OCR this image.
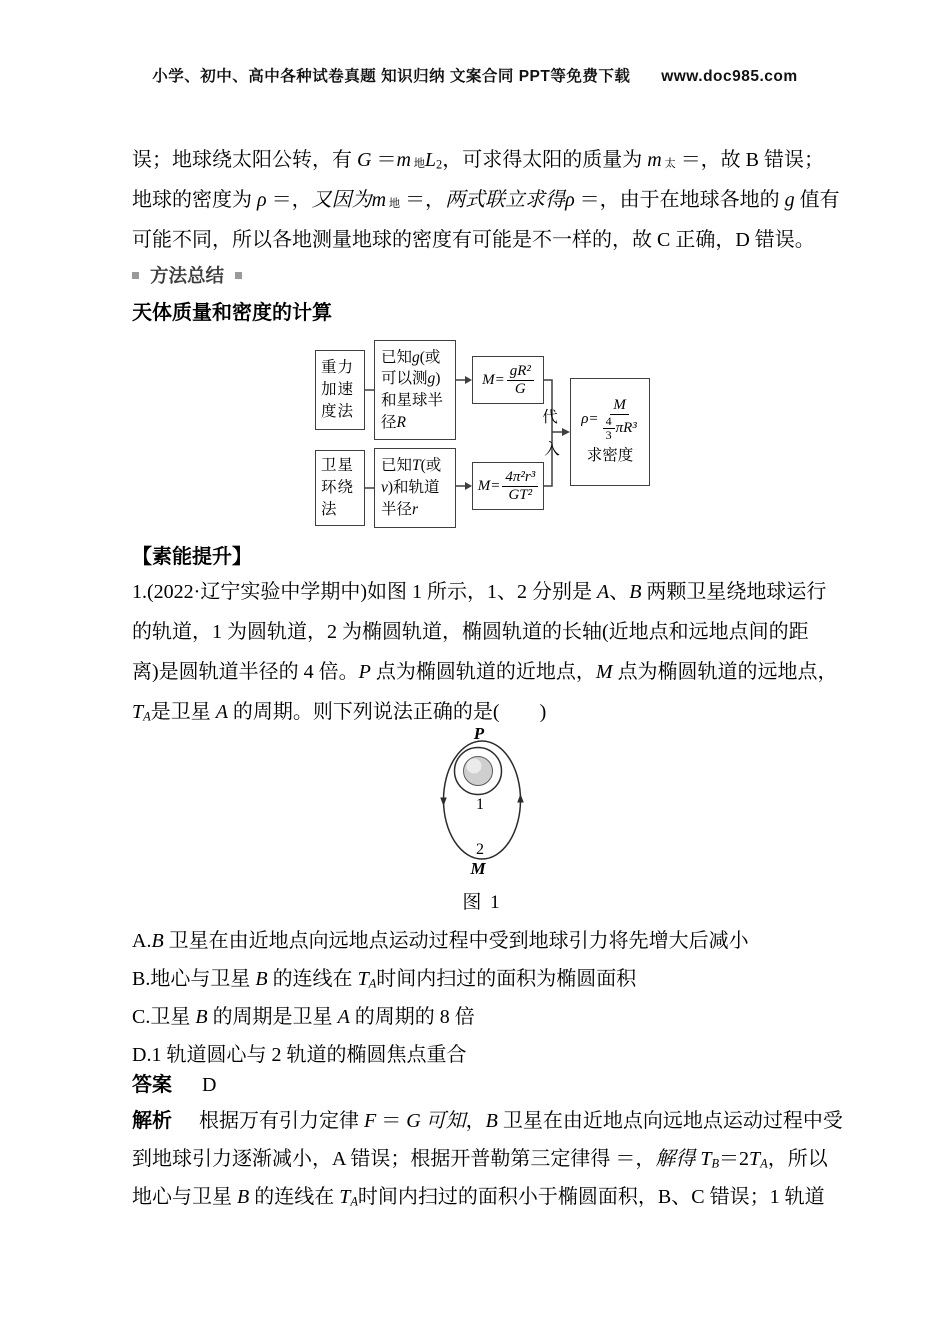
小学、初中、高中各种试卷真题 知识归纳 文案合同 PPT等免费下载 www.doc985.com
误；地球绕太阳公转，有 G ＝m 地$L_2$，可求得太阳的质量为 m 太 ＝，故 B 错误；
地球的密度为 ρ ＝，又因为m 地 ＝，两式联立求得ρ ＝，由于在地球各地的 g 值有
可能不同，所以各地测量地球的密度有可能是不一样的，故 C 正确，D 错误。
方法总结
天体质量和密度的计算
代
入
重力加速度法
已知g(或可以测g)和星球半径R
$M= \frac{\text{gR²}}{G}$
卫星环绕法
已知T(或v)和轨道半径r
$M= \frac{\text{4π²r³}}{\text{GT²}}$
$\rho= \frac{M}{\frac{4}{3} \pi R^3}$
求密度
【素能提升】
1.(2022·辽宁实验中学期中)如图 1 所示，1、2 分别是 A、B 两颗卫星绕地球运行
的轨道，1 为圆轨道，2 为椭圆轨道，椭圆轨道的长轴(近地点和远地点间的距
离)是圆轨道半径的 4 倍。P 点为椭圆轨道的近地点，M 点为椭圆轨道的远地点，
TA是卫星 A 的周期。则下列说法正确的是(　　)
P
1
2
M
图 1
A.B 卫星在由近地点向远地点运动过程中受到地球引力将先增大后减小
B.地心与卫星 B 的连线在 TA时间内扫过的面积为椭圆面积
C.卫星 B 的周期是卫星 A 的周期的 8 倍
D.1 轨道圆心与 2 轨道的椭圆焦点重合
答案 D
解析 根据万有引力定律 F ＝ G 可知，B 卫星在由近地点向远地点运动过程中受
到地球引力逐渐减小，A 错误；根据开普勒第三定律得 ＝，解得 TB＝2TA，所以
地心与卫星 B 的连线在 TA时间内扫过的面积小于椭圆面积，B、C 错误；1 轨道
